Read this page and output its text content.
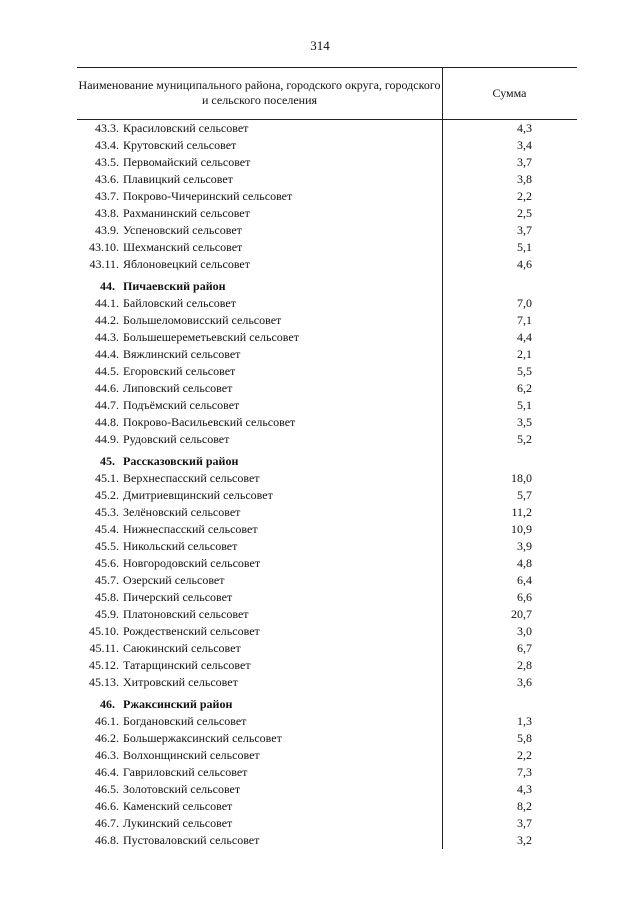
314
Наименование муниципального района, городского округа, городского и сельского поселения	Сумма
43.3. Красиловский сельсовет	4,3
43.4. Крутовский сельсовет	3,4
43.5. Первомайский сельсовет	3,7
43.6. Плавицкий сельсовет	3,8
43.7. Покрово-Чичеринский сельсовет	2,2
43.8. Рахманинский сельсовет	2,5
43.9. Успеновский сельсовет	3,7
43.10. Шехманский сельсовет	5,1
43.11. Яблоновецкий сельсовет	4,6
44. Пичаевский район
44.1. Байловский сельсовет	7,0
44.2. Большеломовисский сельсовет	7,1
44.3. Большешереметьевский сельсовет	4,4
44.4. Вяжлинский сельсовет	2,1
44.5. Егоровский сельсовет	5,5
44.6. Липовский сельсовет	6,2
44.7. Подъёмский сельсовет	5,1
44.8. Покрово-Васильевский сельсовет	3,5
44.9. Рудовский сельсовет	5,2
45. Рассказовский район
45.1. Верхнеспасский сельсовет	18,0
45.2. Дмитриевщинский сельсовет	5,7
45.3. Зелёновский сельсовет	11,2
45.4. Нижнеспасский сельсовет	10,9
45.5. Никольский сельсовет	3,9
45.6. Новгородовский сельсовет	4,8
45.7. Озерский сельсовет	6,4
45.8. Пичерский сельсовет	6,6
45.9. Платоновский сельсовет	20,7
45.10. Рождественский сельсовет	3,0
45.11. Саюкинский сельсовет	6,7
45.12. Татарщинский сельсовет	2,8
45.13. Хитровский сельсовет	3,6
46. Ржаксинский район
46.1. Богдановский сельсовет	1,3
46.2. Большержаксинский сельсовет	5,8
46.3. Волхонщинский сельсовет	2,2
46.4. Гавриловский сельсовет	7,3
46.5. Золотовский сельсовет	4,3
46.6. Каменский сельсовет	8,2
46.7. Лукинский сельсовет	3,7
46.8. Пустоваловский сельсовет	3,2
